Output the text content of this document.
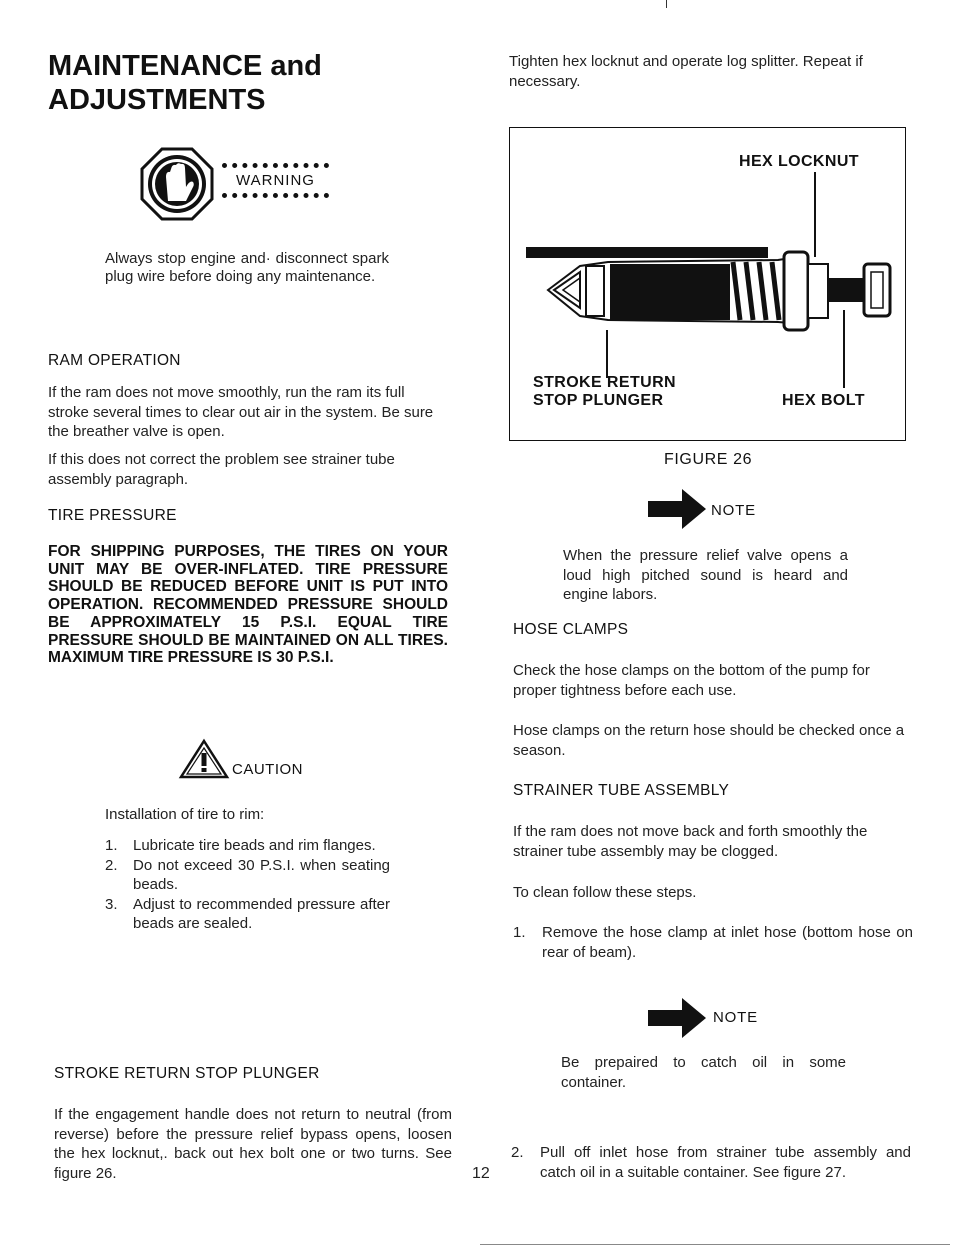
MAINTENANCE and
ADJUSTMENTS
WARNING
Always stop engine and· disconnect spark plug wire before doing any maintenance.
RAM OPERATION
If the ram does not move smoothly, run the ram its full stroke several times to clear out air in the system. Be sure the breather valve is open.
If this does not correct the problem see strainer tube assembly paragraph.
TIRE PRESSURE
FOR SHIPPING PURPOSES, THE TIRES ON YOUR UNIT MAY BE OVER-INFLATED. TIRE PRESSURE SHOULD BE REDUCED BEFORE UNIT IS PUT INTO OPERATION. RECOMMENDED PRESSURE SHOULD BE APPROXIMATELY 15 P.S.I. EQUAL TIRE PRESSURE SHOULD BE MAINTAINED ON ALL TIRES. MAXIMUM TIRE PRESSURE IS 30 P.S.I.
CAUTION
Installation of tire to rim:
1. Lubricate tire beads and rim flanges.
2. Do not exceed 30 P.S.I. when seating beads.
3. Adjust to recommended pressure after beads are sealed.
STROKE RETURN STOP PLUNGER
If the engagement handle does not return to neutral (from reverse) before the pressure relief bypass opens, loosen the hex locknut,. back out hex bolt one or two turns. See figure 26.	12
Tighten hex locknut and operate log splitter. Repeat if necessary.
HEX LOCKNUT
STROKE RETURN
STOP PLUNGER	HEX BOLT
FIGURE 26
NOTE
When the pressure relief valve opens a loud high pitched sound is heard and engine labors.
HOSE CLAMPS
Check the hose clamps on the bottom of the pump for proper tightness before each use.
Hose clamps on the return hose should be checked once a season.
STRAINER TUBE ASSEMBLY
If the ram does not move back and forth smoothly the strainer tube assembly may be clogged.
To clean follow these steps.
1. Remove the hose clamp at inlet hose (bottom hose on rear of beam).
NOTE
Be prepaired to catch oil in some container.
2. Pull off inlet hose from strainer tube assembly and catch oil in a suitable container. See figure 27.
